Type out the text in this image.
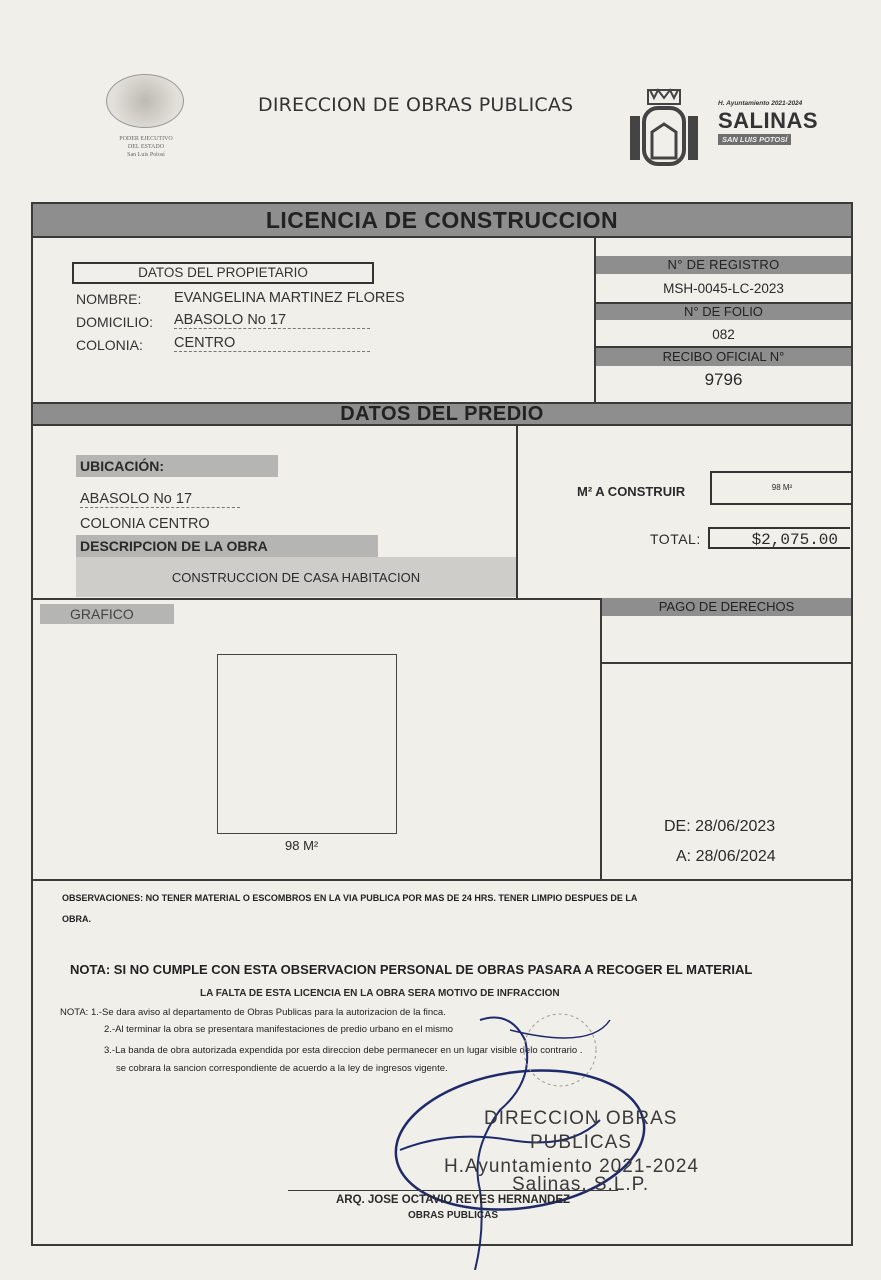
PODER EJECUTIVO
DEL ESTADO
San Luis Potosí
DIRECCION DE OBRAS PUBLICAS	H. Ayuntamiento 2021-2024
SALINAS
SAN LUIS POTOSÍ
LICENCIA DE CONSTRUCCION
DATOS DEL PROPIETARIO
NOMBRE: EVANGELINA MARTINEZ FLORES
DOMICILIO: ABASOLO No 17
COLONIA: CENTRO
N° DE REGISTRO
MSH-0045-LC-2023
N° DE FOLIO
082
RECIBO OFICIAL N°
9796
DATOS DEL PREDIO
UBICACIÓN:
ABASOLO No 17
COLONIA CENTRO
DESCRIPCION DE LA OBRA
CONSTRUCCION DE CASA HABITACION
M² A CONSTRUIR	98 M²
TOTAL:	$2,075.00
GRAFICO
98 M²
PAGO DE DERECHOS
DE: 28/06/2023
A: 28/06/2024
OBSERVACIONES: NO TENER MATERIAL O ESCOMBROS EN LA VIA PUBLICA POR MAS DE 24 HRS. TENER LIMPIO DESPUES DE LA
OBRA.
NOTA: SI NO CUMPLE CON ESTA OBSERVACION PERSONAL DE OBRAS PASARA A RECOGER EL MATERIAL
LA FALTA DE ESTA LICENCIA EN LA OBRA SERA MOTIVO DE INFRACCION
NOTA: 1.-Se dara aviso al departamento de Obras Publicas para la autorizacion de la finca.
2.-Al terminar la obra se presentara manifestaciones de predio urbano en el mismo
3.-La banda de obra autorizada expendida por esta direccion debe permanecer en un lugar visible delo contrario .
se cobrara la sancion correspondiente de acuerdo a la ley de ingresos vigente.
DIRECCION OBRAS
PUBLICAS
H.Ayuntamiento 2021-2024
Salinas, S.L.P.
ARQ. JOSE OCTAVIO REYES HERNANDEZ
OBRAS PUBLICAS
